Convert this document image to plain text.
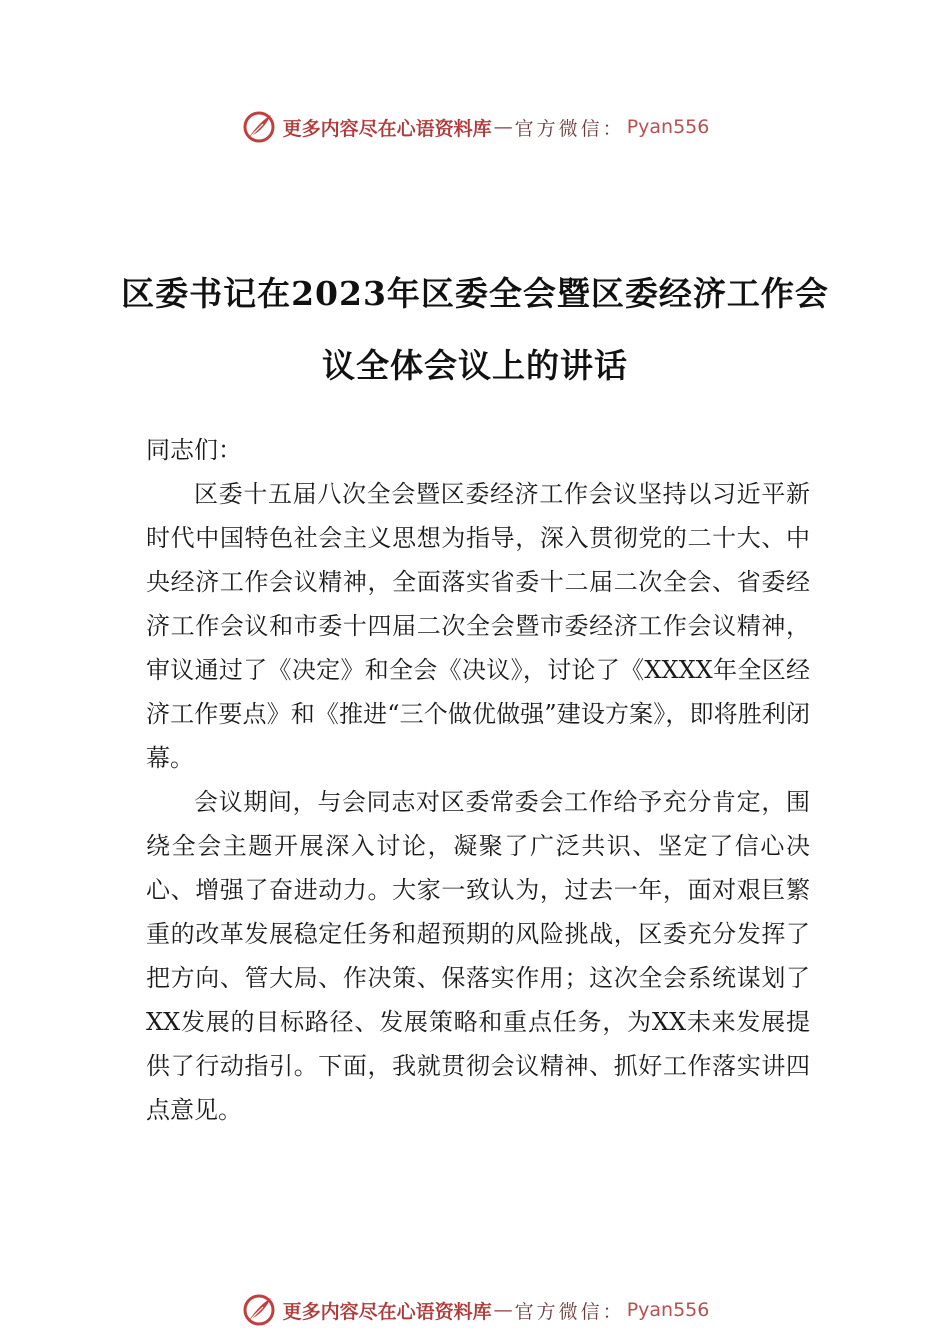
更多内容尽在心语资料库 — 官方微信： Pyan556
区委书记在2023年区委全会暨区委经济工作会议全体会议上的讲话

同志们：

区委十五届八次全会暨区委经济工作会议坚持以习近平新时代中国特色社会主义思想为指导，深入贯彻党的二十大、中央经济工作会议精神，全面落实省委十二届二次全会、省委经济工作会议和市委十四届二次全会暨市委经济工作会议精神，审议通过了《决定》和全会《决议》，讨论了《XXXX年全区经济工作要点》和《推进“三个做优做强”建设方案》，即将胜利闭幕。

会议期间，与会同志对区委常委会工作给予充分肯定，围绕全会主题开展深入讨论，凝聚了广泛共识、坚定了信心决心、增强了奋进动力。大家一致认为，过去一年，面对艰巨繁重的改革发展稳定任务和超预期的风险挑战，区委充分发挥了把方向、管大局、作决策、保落实作用；这次全会系统谋划了XX发展的目标路径、发展策略和重点任务，为XX未来发展提供了行动指引。下面，我就贯彻会议精神、抓好工作落实讲四点意见。

更多内容尽在心语资料库 — 官方微信： Pyan556
